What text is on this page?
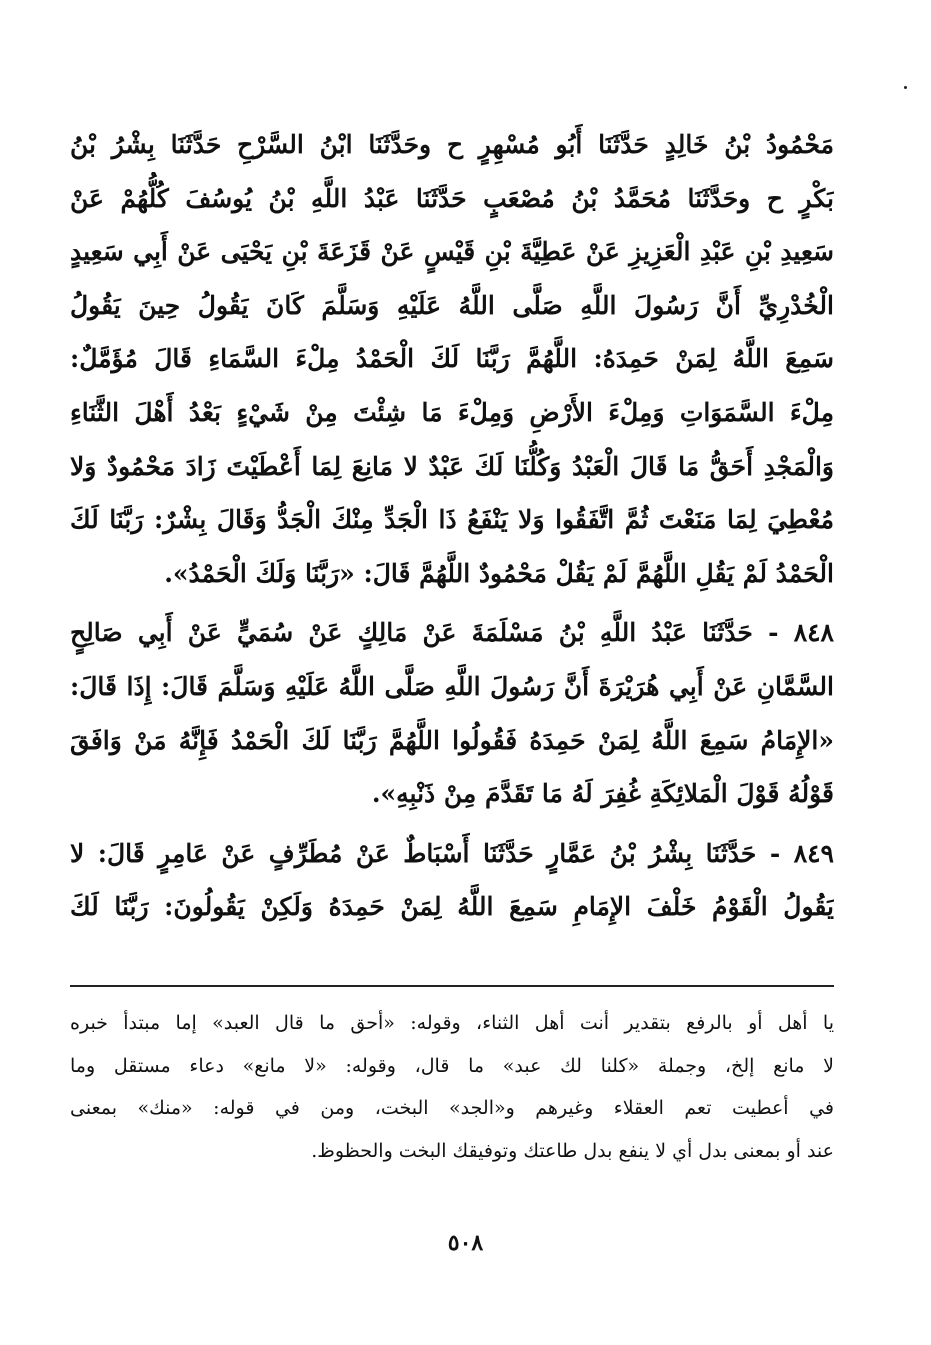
مَحْمُودُ بْنُ خَالِدٍ حَدَّثَنَا أَبُو مُسْهِرٍ ح وحَدَّثَنَا ابْنُ السَّرْحِ حَدَّثَنَا بِشْرُ بْنُ
بَكْرٍ ح وحَدَّثَنَا مُحَمَّدُ بْنُ مُصْعَبٍ حَدَّثَنَا عَبْدُ اللَّهِ بْنُ يُوسُفَ كُلُّهُمْ عَنْ
سَعِيدِ بْنِ عَبْدِ الْعَزِيزِ عَنْ عَطِيَّةَ بْنِ قَيْسٍ عَنْ قَزَعَةَ بْنِ يَحْيَى عَنْ أَبِي سَعِيدٍ
الْخُدْرِيِّ أَنَّ رَسُولَ اللَّهِ صَلَّى اللَّهُ عَلَيْهِ وَسَلَّمَ كَانَ يَقُولُ حِينَ يَقُولُ
سَمِعَ اللَّهُ لِمَنْ حَمِدَهُ: اللَّهُمَّ رَبَّنَا لَكَ الْحَمْدُ مِلْءَ السَّمَاءِ قَالَ مُؤَمَّلٌ:
مِلْءَ السَّمَوَاتِ وَمِلْءَ الأَرْضِ وَمِلْءَ مَا شِئْتَ مِنْ شَيْءٍ بَعْدُ أَهْلَ الثَّنَاءِ
وَالْمَجْدِ أَحَقُّ مَا قَالَ الْعَبْدُ وَكُلُّنَا لَكَ عَبْدٌ لا مَانِعَ لِمَا أَعْطَيْتَ زَادَ مَحْمُودٌ وَلا
مُعْطِيَ لِمَا مَنَعْتَ ثُمَّ اتَّفَقُوا وَلا يَنْفَعُ ذَا الْجَدِّ مِنْكَ الْجَدُّ وَقَالَ بِشْرٌ: رَبَّنَا لَكَ
الْحَمْدُ لَمْ يَقُلِ اللَّهُمَّ لَمْ يَقُلْ مَحْمُودٌ اللَّهُمَّ قَالَ: «رَبَّنَا وَلَكَ الْحَمْدُ».
٨٤٨ - حَدَّثَنَا عَبْدُ اللَّهِ بْنُ مَسْلَمَةَ عَنْ مَالِكٍ عَنْ سُمَيٍّ عَنْ أَبِي صَالِحٍ
السَّمَّانِ عَنْ أَبِي هُرَيْرَةَ أَنَّ رَسُولَ اللَّهِ صَلَّى اللَّهُ عَلَيْهِ وَسَلَّمَ قَالَ: إِذَا قَالَ:
«الإِمَامُ سَمِعَ اللَّهُ لِمَنْ حَمِدَهُ فَقُولُوا اللَّهُمَّ رَبَّنَا لَكَ الْحَمْدُ فَإِنَّهُ مَنْ وَافَقَ
قَوْلُهُ قَوْلَ الْمَلائِكَةِ غُفِرَ لَهُ مَا تَقَدَّمَ مِنْ ذَنْبِهِ».
٨٤٩ - حَدَّثَنَا بِشْرُ بْنُ عَمَّارٍ حَدَّثَنَا أَسْبَاطٌ عَنْ مُطَرِّفٍ عَنْ عَامِرٍ قَالَ: لا
يَقُولُ الْقَوْمُ خَلْفَ الإِمَامِ سَمِعَ اللَّهُ لِمَنْ حَمِدَهُ وَلَكِنْ يَقُولُونَ: رَبَّنَا لَكَ
يا أهل أو بالرفع بتقدير أنت أهل الثناء، وقوله: «أحق ما قال العبد» إما مبتدأ خبره
لا مانع إلخ، وجملة «كلنا لك عبد» ما قال، وقوله: «لا مانع» دعاء مستقل وما
في أعطيت تعم العقلاء وغيرهم و«الجد» البخت، ومن في قوله: «منك» بمعنى
عند أو بمعنى بدل أي لا ينفع بدل طاعتك وتوفيقك البخت والحظوظ.
٥٠٨
